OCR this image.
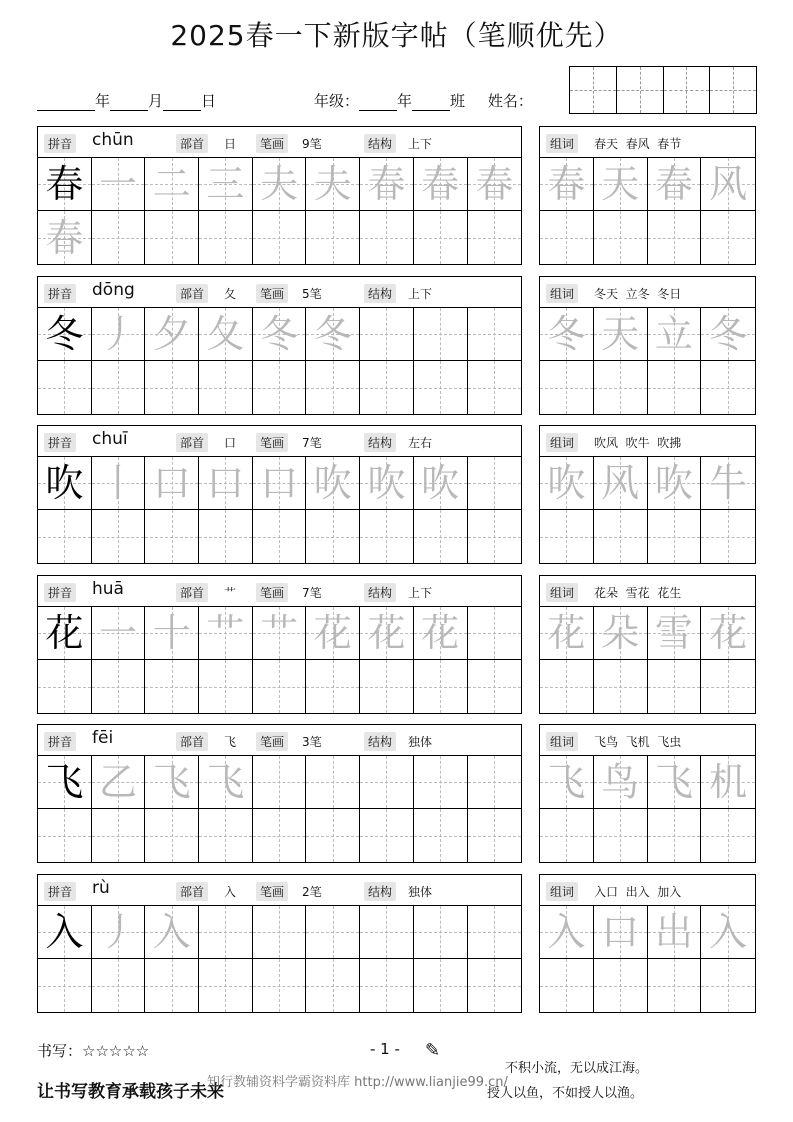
2025春一下新版字帖（笔顺优先）
年	月	日	年级：	年	班 姓名：
拼音 chūn	部首	日	笔画	9笔	结构	上下
春 一 二 三 夫 夫 春 春 春
春
组词	春天  春风  春节
春 天 春 风
拼音 dōng	部首	夂	笔画	5笔	结构	上下
冬 丿 夕 夂 冬 冬
组词	冬天  立冬  冬日
冬 天 立 冬
拼音 chuī	部首	口	笔画	7笔	结构	左右
吹 丨 口 口 口 吹 吹 吹
组词	吹风  吹牛  吹拂
吹 风 吹 牛
拼音 huā	部首	艹	笔画	7笔	结构	上下
花 一 十 艹 艹 花 花 花
组词	花朵  雪花  花生
花 朵 雪 花
拼音 fēi	部首	飞	笔画	3笔	结构	独体
飞 乙 飞 飞
组词	飞鸟  飞机  飞虫
飞 鸟 飞 机
拼音 rù	部首	入	笔画	2笔	结构	独体
入 丿 入
组词	入口  出入  加入
入 口 出 入
书写：☆☆☆☆☆	- 1 - ✎
让书写教育承载孩子未来
不积小流，无以成江海。
授人以鱼，不如授人以渔。
知行教辅资料学霸资料库 http://www.lianjie99.cn/
